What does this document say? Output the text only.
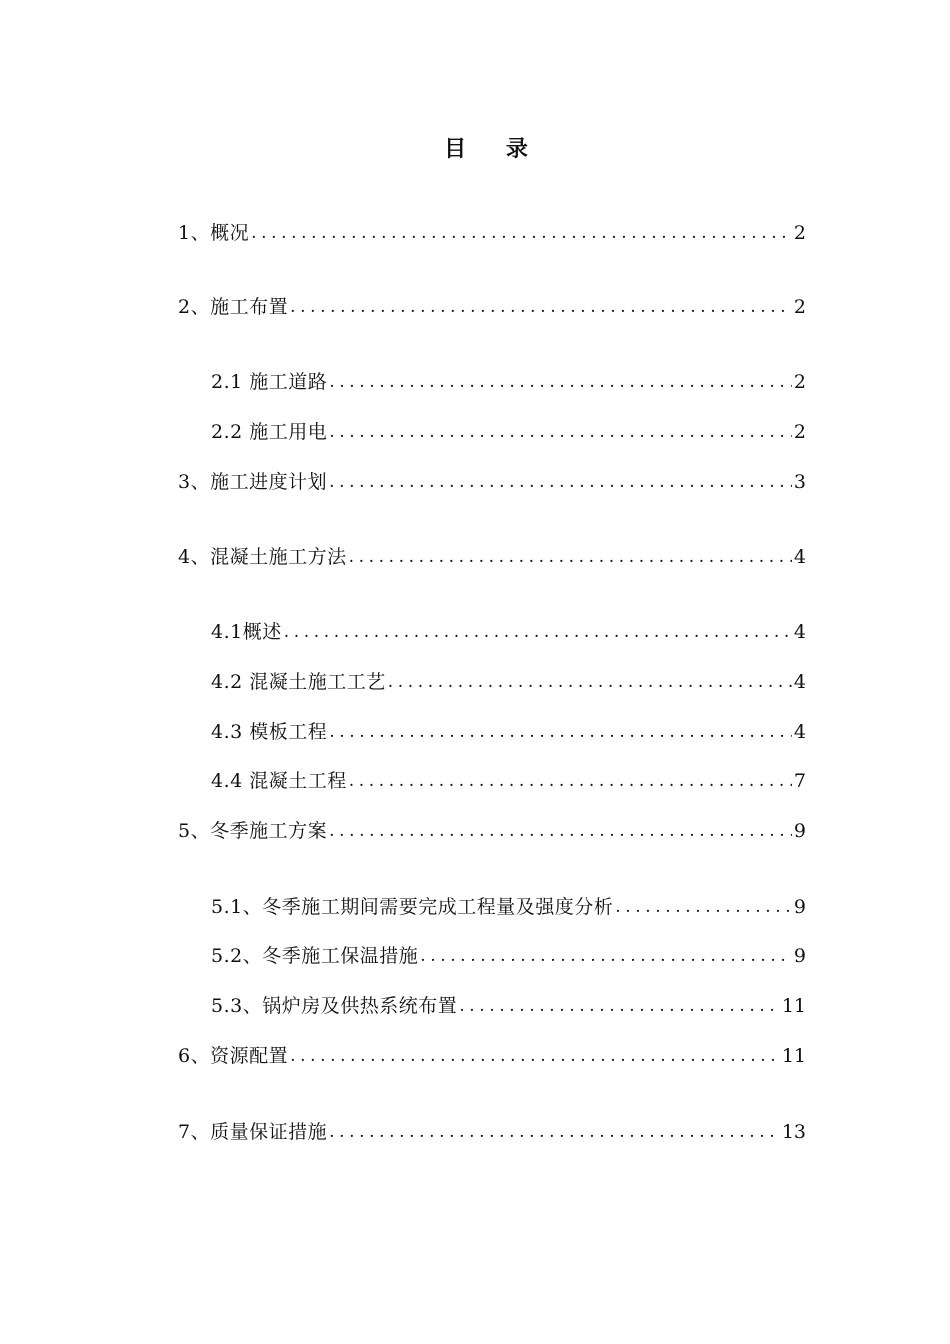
目 录
1、概况 .....	2
2、施工布置 .....	2
2.1 施工道路 .....	2
2.2 施工用电 .....	2
3、施工进度计划 .....	3
4、混凝土施工方法 .....	4
4.1概述 .....	4
4.2 混凝土施工工艺 .....	4
4.3 模板工程 .....	4
4.4 混凝土工程 .....	7
5、冬季施工方案 .....	9
5.1、冬季施工期间需要完成工程量及强度分析 .....	9
5.2、冬季施工保温措施 .....	9
5.3、锅炉房及供热系统布置 .....	11
6、资源配置 .....	11
7、质量保证措施 .....	13
